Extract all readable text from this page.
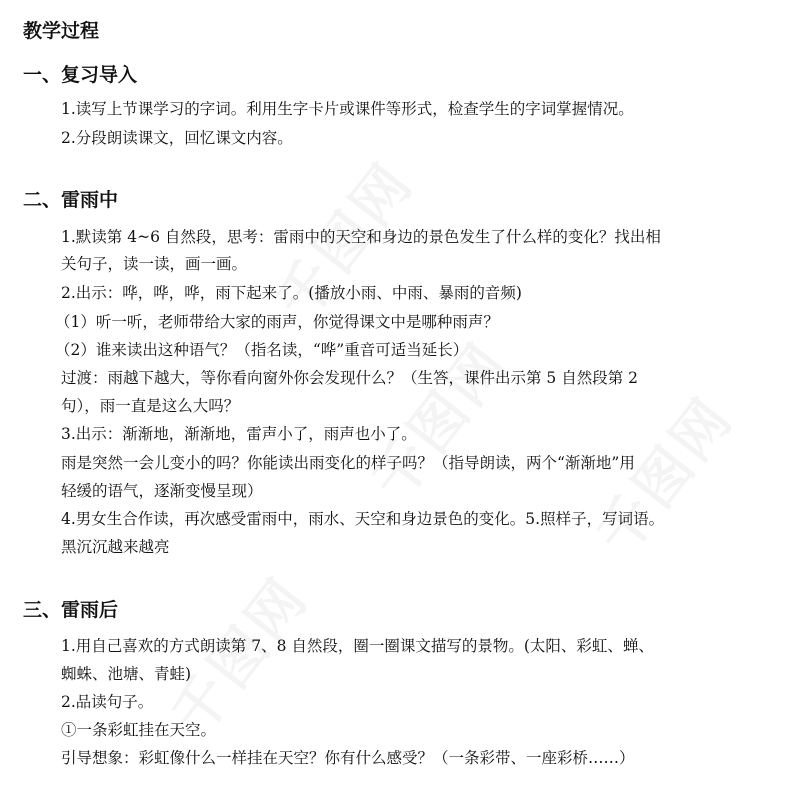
教学过程
一、复习导入

1.读写上节课学习的字词。利用生字卡片或课件等形式，检查学生的字词掌握情况。

2.分段朗读课文，回忆课文内容。

二、雷雨中

1.默读第 4~6 自然段，思考：雷雨中的天空和身边的景色发生了什么样的变化？找出相

关句子，读一读，画一画。

2.出示：哗，哗，哗，雨下起来了。(播放小雨、中雨、暴雨的音频)

（1）听一听，老师带给大家的雨声，你觉得课文中是哪种雨声？

（2）谁来读出这种语气？（指名读，“哗”重音可适当延长）

过渡：雨越下越大，等你看向窗外你会发现什么？（生答，课件出示第 5 自然段第 2

句），雨一直是这么大吗？

3.出示：渐渐地，渐渐地，雷声小了，雨声也小了。

雨是突然一会儿变小的吗？你能读出雨变化的样子吗？（指导朗读，两个“渐渐地”用

轻缓的语气，逐渐变慢呈现）

4.男女生合作读，再次感受雷雨中，雨水、天空和身边景色的变化。5.照样子，写词语。

黑沉沉越来越亮

三、雷雨后

1.用自己喜欢的方式朗读第 7、8 自然段，圈一圈课文描写的景物。(太阳、彩虹、蝉、

蜘蛛、池塘、青蛙)

2.品读句子。

①一条彩虹挂在天空。

引导想象：彩虹像什么一样挂在天空？你有什么感受？（一条彩带、一座彩桥……）
